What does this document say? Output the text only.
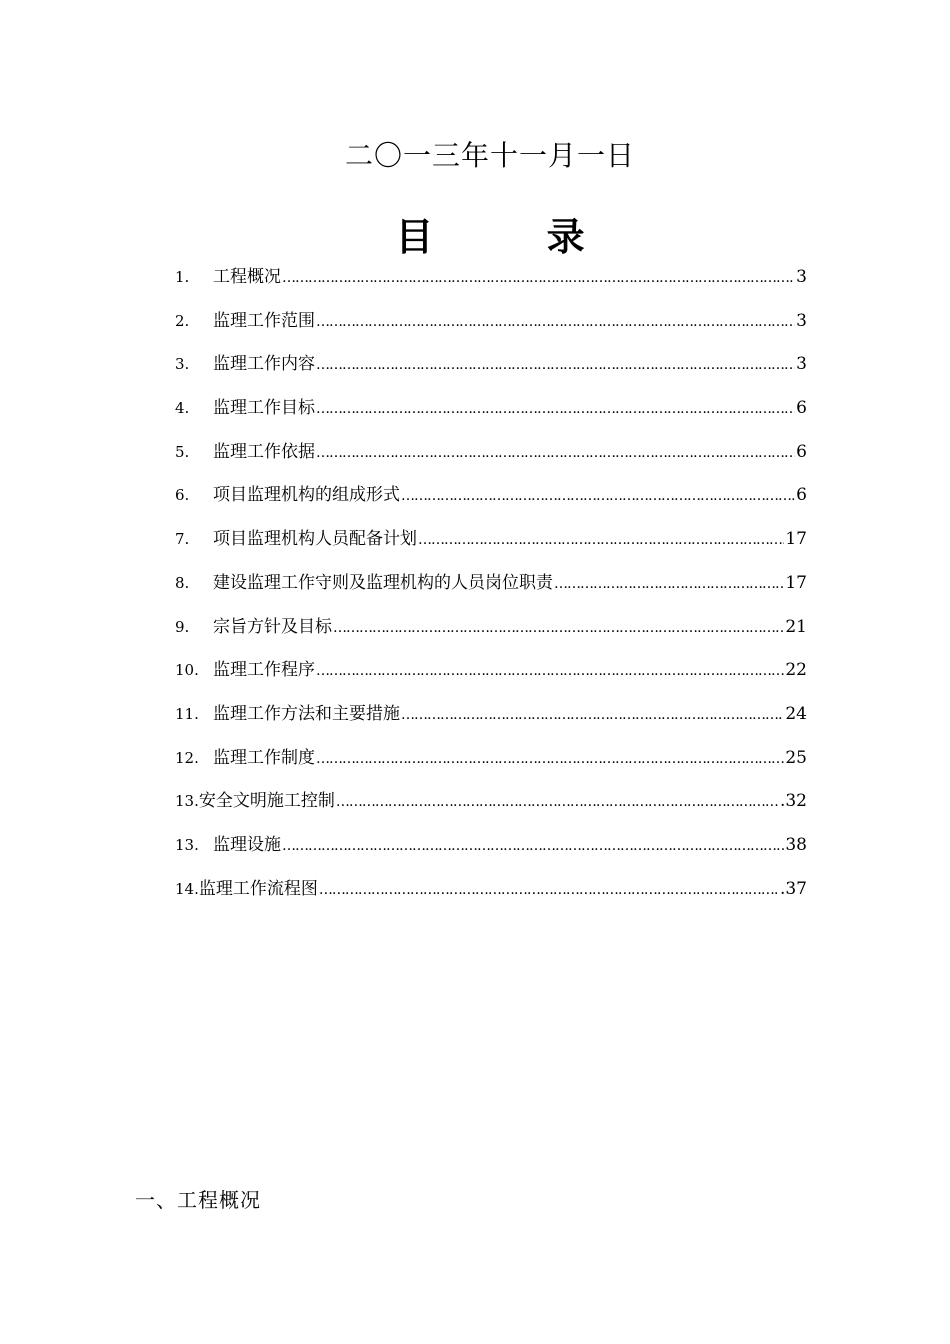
二〇一三年十一月一日
目 录
1.	工程概况 ……………………………………………………………………………………………………………………………………………………	3
2.	监理工作范围 ……………………………………………………………………………………………………………………………………………………	3
3.	监理工作内容 ……………………………………………………………………………………………………………………………………………………	3
4.	监理工作目标 ……………………………………………………………………………………………………………………………………………………	6
5.	监理工作依据 ……………………………………………………………………………………………………………………………………………………	6
6.	项目监理机构的组成形式 ……………………………………………………………………………………………………………………………………………………	6
7.	项目监理机构人员配备计划 ……………………………………………………………………………………………………………………………………………………	17
8.	建设监理工作守则及监理机构的人员岗位职责 ……………………………………………………………………………………………………………………………………………………	17
9.	宗旨方针及目标 ……………………………………………………………………………………………………………………………………………………	21
10. 监理工作程序 ……………………………………………………………………………………………………………………………………………………	22
11. 监理工作方法和主要措施 ……………………………………………………………………………………………………………………………………………………	24
12. 监理工作制度 ……………………………………………………………………………………………………………………………………………………	25
13. 安全文明施工控制 ……………………………………………………………………………………………………………………………………………………	.32
13. 监理设施 ……………………………………………………………………………………………………………………………………………………	38
14. 监理工作流程图 ……………………………………………………………………………………………………………………………………………………	.37
一、工程概况
